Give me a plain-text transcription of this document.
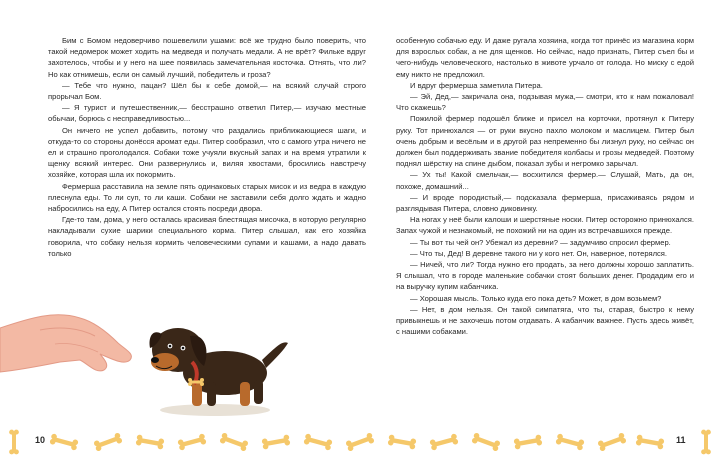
Бим с Бомом недоверчиво пошевелили ушами: всё же трудно было поверить, что такой недомерок может ходить на медведя и получать медали. А не врёт? Фильке вдруг захотелось, чтобы и у него на шее появилась замечательная косточка. Отнять, что ли? Но как отнимешь, если он самый лучший, победитель и гроза?

— Тебе что нужно, пацан? Шёл бы к себе домой,— на всякий случай строго прорычал Бом.

— Я турист и путешественник,— бесстрашно ответил Питер,— изучаю местные обычаи, борюсь с несправедливостью...

Он ничего не успел добавить, потому что раздались приближающиеся шаги, и откуда-то со стороны донёсся аромат еды. Питер сообразил, что с самого утра ничего не ел и страшно проголодался. Собаки тоже учуяли вкусный запах и на время утратили к щенку всякий интерес. Они развернулись и, виляя хвостами, бросились навстречу хозяйке, которая шла их покормить.

Фермерша расставила на земле пять одинаковых старых мисок и из ведра в каждую плеснула еды. То ли суп, то ли каши. Собаки не заставили себя долго ждать и жадно набросились на еду, А Питер остался стоять посреди двора.

Где-то там, дома, у него осталась красивая блестящая мисочка, в которую регулярно накладывали сухие шарики специального корма. Питер слышал, как его хозяйка говорила, что собаку нельзя кормить человеческими супами и кашами, а надо давать только

особенную собачью еду. И даже ругала хозяина, когда тот принёс из магазина корм для взрослых собак, а не для щенков. Но сейчас, надо признать, Питер съел бы и чего-нибудь человеческого, настолько в животе урчало от голода. Но миску с едой ему никто не предложил.

И вдруг фермерша заметила Питера.

— Эй, Дед,— закричала она, подзывая мужа,— смотри, кто к нам пожаловал! Что скажешь?

Пожилой фермер подошёл ближе и присел на корточки, протянул к Питеру руку. Тот принюхался — от руки вкусно пахло молоком и маслицем. Питер был очень добрым и весёлым и в другой раз непременно бы лизнул руку, но сейчас он должен был поддерживать звание победителя колбасы и грозы медведей. Поэтому поднял шёрстку на спине дыбом, показал зубы и негромко зарычал.

— Ух ты! Какой смельчак,— восхитился фермер.— Слушай, Мать, да он, похоже, домашний...

— И вроде породистый,— подсказала фермерша, присаживаясь рядом и разглядывая Питера, словно диковинку.

На ногах у неё были калоши и шерстяные носки. Питер осторожно принюхался. Запах чужой и незнакомый, не похожий ни на один из встречавшихся прежде.

— Ты вот ты чей он? Убежал из деревни? — задумчиво спросил фермер.

— Что ты, Дед! В деревне такого ни у кого нет. Он, наверное, потерялся.

— Ничей, что ли? Тогда нужно его продать, за него должны хорошо заплатить. Я слышал, что в городе маленькие собачки стоят больших денег. Продадим его и на выручку купим кабанчика.

— Хорошая мысль. Только куда его пока деть? Может, в дом возьмем?

— Нет, в дом нельзя. Он такой симпатяга, что ты, старая, быстро к нему привыкнешь и не захочешь потом отдавать. А кабанчик важнее. Пусть здесь живёт, с нашими собаками.

10	11
